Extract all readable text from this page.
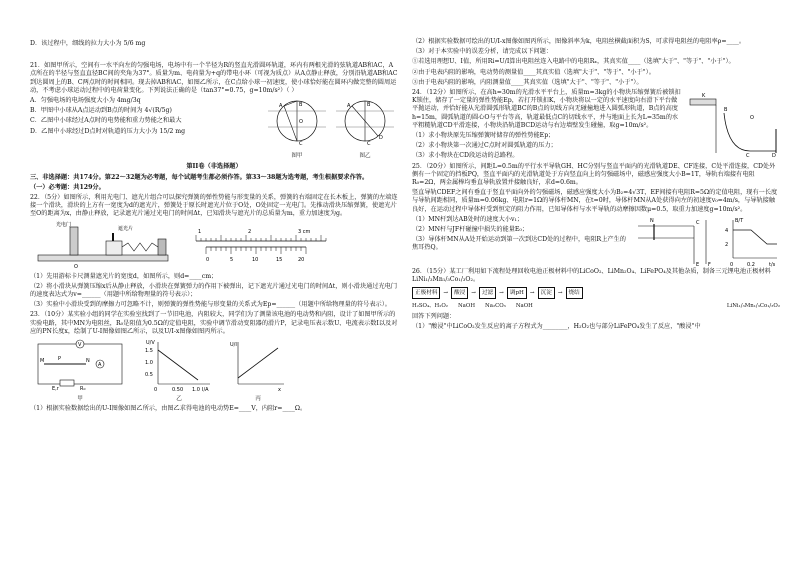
D．该过程中，细线的拉力大小为 5/6 mg

21．如图甲所示，空间有一水平向左的匀强电场，电场中有一个半径为R的竖直光滑圆环轨道，环内有两根光滑的弦轨道AB和AC，A点所在的半径与竖直直径BC间的夹角为37°。质量为m、电荷量为+q的带电小环（可视为质点）从A点静止释放，分别沿轨道AB和AC到达圆周上的B、C两点时的时间相同。现去掉AB和AC，如图乙所示，在C点给小球一初速度，使小球恰好能在圆环内做完整的圆周运动，不考虑小球运动过程中的电荷量变化。下列说法正确的是（tan37°=0.75，g=10m/s²）（ ）

A．匀强电场的电场强度大小为 4mg/3q

B．甲图中小球从A点运动到B点的时间为 4√(R/5g)

C．乙图中小球经过A点时的电势能和重力势能之和最大

D．乙图中小球经过D点时对轨道的压力大小为 15/2 mg

B
A
C
O
图甲
B
A
C
D
图乙

第II卷（非选择题）

三、非选择题：共174分。第22～32题为必考题，每个试题考生都必须作答。第33～38题为选考题，考生根据要求作答。

（一）必考题：共129分。

22．（5分）如图所示，利用光电门、遮光片组合可以探究弹簧的弹性势能与形变量的关系，弹簧的右端固定在长木板上，弹簧的左端连接一个滑块，滑块的上方有一宽度为d的遮光片，弹簧处于原长时遮光片位于O处，O处固定一光电门。先推动滑块压缩弹簧，使遮光片至O的距离为x，由静止释放，记录遮光片通过光电门的时间Δt，已知滑块与遮光片的总质量为m，重力加速度为g。

光电门
遮光片
O
1	2	3 cm
0	5	10	15	20

（1）先用游标卡尺测量遮光片的宽度d，如图所示，则d=____cm；

（2）将小滑块从弹簧压缩x后从静止释放，小滑块在弹簧弹力的作用下被弹出，记下遮光片通过光电门的时间Δt，则小滑块通过光电门的速度表达式为v=______（用题中所给物理量的符号表示）；

（3）实验中小滑块受到的摩擦力可忽略不计，则弹簧的弹性势能与形变量的关系式为Ep=______（用题中所给物理量的符号表示）。

23．（10分）某实验小组的同学在实验室找到了一节旧电池，内阻较大，同学们为了测量该电池的电动势和内阻，设计了如图甲所示的实验电路，其中MN为电阻丝，R₀是阻值为0.5Ω的定值电阻，实验中调节滑动变阻器的滑片P，记录电压表示数U、电流表示数I以及对应的PN长度x，绘制了U-I图像如图乙所示，以及U/I-x图像如图丙所示。

V
A
M	N
P
E,r	R₀
甲
U/V
I/A
1.5
1.0
0.5
0	0.50 1.0
乙
U/I
x
丙

（1）根据实验数据绘出的U-I图像如图乙所示，由图乙求得电池的电动势E=____V，内阻r=____Ω。

（2）根据实验数据可绘出的U/I-x图像如图丙所示，图像斜率为k，电阻丝横截面积为S，可求得电阻丝的电阻率ρ=____。

（3）对于本实验中的误差分析，请完成以下问题：

①若选用理想U、I值，所用Ri=U/I算出电阻丝连入电路中的电阻Rₓ，其真实值____（选填"大于"、"等于"、"小于"）。

②由于电表内阻的影响，电动势的测量值____其真实值（选填"大于"、"等于"、"小于"）。

③由于电表内阻的影响，内阻测量值____其真实值（选填"大于"、"等于"、"小于"）。

24．（12分）如图所示，在高h=30m的光滑水平平台上，质量m=3kg的小物块压缩弹簧后被锁扣K锁住，储存了一定量的弹性势能Ep，若打开锁扣K，小物块将以一定的水平速度向右滑下平台做平抛运动，并恰好能从光滑圆弧形轨道BC的B点的切线方向无碰撞地进入圆弧形轨道，B点的高度h=15m，圆弧轨道的圆心O与平台等高，轨道最低点C的切线水平，并与地面上长为L=35m的水平粗糙轨道CD平滑连接，小物块沿轨道BCD运动与右边墙壁发生碰撞，取g=10m/s²。

（1）求小物块原先压缩弹簧时储存的弹性势能Ep；

（2）求小物块第一次通过C点时对圆弧轨道的压力；

（3）求小物块在CD段运动的总路程。

K
B
C	D
O

25．（20分）如图所示，间距L=0.5m的平行水平导轨GH、HC分别与竖直平面内的光滑轨道DE、CF连接，C处平滑连接，CD处外侧有一个固定的挡板PQ，竖直平面内的光滑轨道处于方向竖直向上的匀强磁场中，磁感应强度大小B=1T，导轨右端接有电阻R₀=2Ω，两金属棒均垂直导轨放置并接触良好，求d=0.6m。

竖直导轨CDEF之间有垂直于竖直平面向外的匀强磁场，磁感应强度大小为B₂=4√3T，EF间接有电阻R=5Ω的定值电阻，现有一长度与导轨间距相同，质量m=0.06kg、电阻r=1Ω的导体杆MN，在t=0时，导体杆MN从A处获得向左的初速度v₀=4m/s，与导轨接触良好，在运动过程中导体杆受到恒定的阻力作用，已知导体杆与水平导轨的动摩擦因数μ=0.5，取重力加速度g=10m/s²。

（1）MN杆到达AB处时的速度大小v₁；

（2）MN杆与JF杆碰撞中损失的能量E₀；

（3）导体杆MN从A处开始运动到第一次到达CD处的过程中，电阻R上产生的焦耳热Q。

N	C
E F
B/T
t/s
4
2
0	0.2

26．（15分）某工厂利用如下流程处理回收电池正极材料中的LiCoO₂、LiMn₂O₄、LiFePO₄及其他杂质，制备三元锂电池正极材料LiNi₁/₃Mn₁/₃Co₁/₃O₂。

正极材料	→	酸浸	→	过滤	→	调pH	→	沉淀	→	烧结
H₂SO₄、H₂O₂ NaOH Na₂CO₃ NaOH	LiNi₁/₃Mn₁/₃Co₁/₃O₂

回答下列问题：

（1）"酸浸"中LiCoO₂发生反应的离子方程式为________，H₂O₂也与部分LiFePO₄发生了反应，"酸浸"中
